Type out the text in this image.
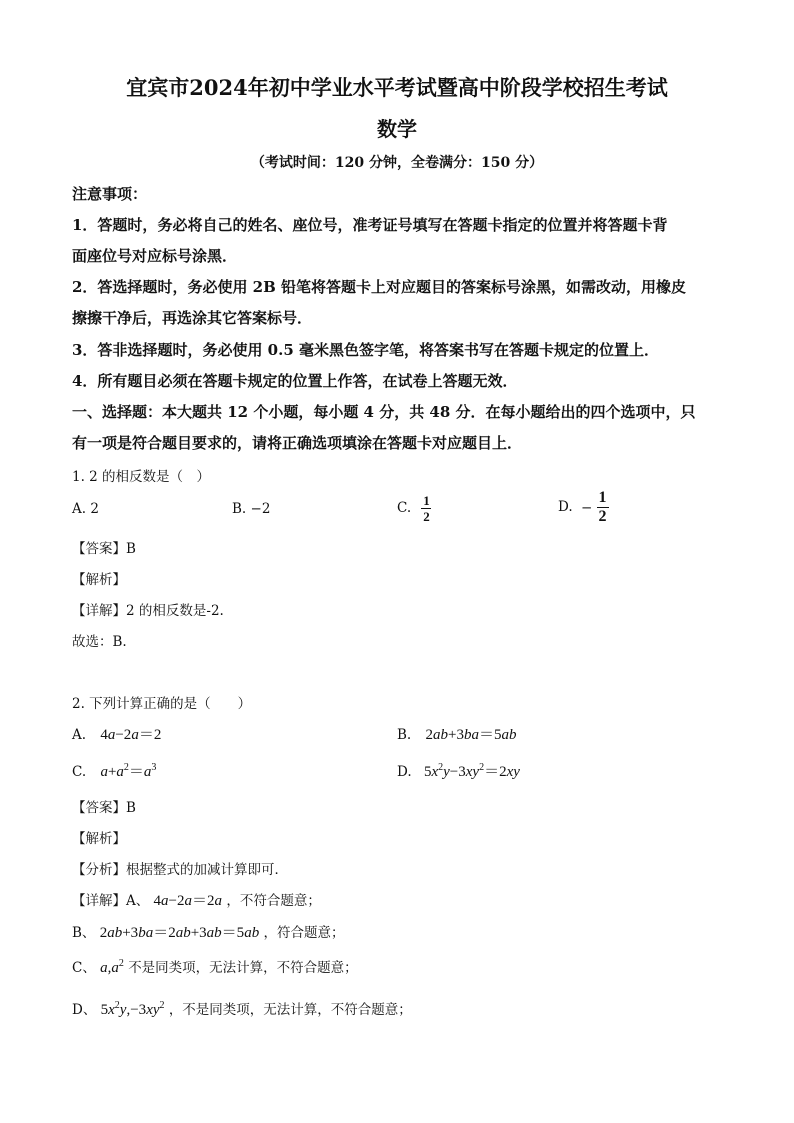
宜宾市2024年初中学业水平考试暨高中阶段学校招生考试
数学
（考试时间：120 分钟，全卷满分：150 分）
注意事项：
1．答题时，务必将自己的姓名、座位号，准考证号填写在答题卡指定的位置并将答题卡背
面座位号对应标号涂黑．
2．答选择题时，务必使用 2B 铅笔将答题卡上对应题目的答案标号涂黑，如需改动，用橡皮
擦擦干净后，再选涂其它答案标号．
3．答非选择题时，务必使用 0.5 毫米黑色签字笔，将答案书写在答题卡规定的位置上．
4．所有题目必须在答题卡规定的位置上作答，在试卷上答题无效．
一、选择题：本大题共 12 个小题，每小题 4 分，共 48 分．在每小题给出的四个选项中，只
有一项是符合题目要求的，请将正确选项填涂在答题卡对应题目上．
1. 2 的相反数是（　）
A. 2	B. −2	C. $\frac{1}{2}$	D. − $\frac{1}{2}$
【答案】B
【解析】
【详解】2 的相反数是-2.
故选：B.
2. 下列计算正确的是（　　）
A. 4a−2a＝2	B. 2ab+3ba＝5ab
C. $a+a^2=a^3$	D. $5x^2y-3xy^2=2xy$
【答案】B
【解析】
【分析】根据整式的加减计算即可．
【详解】A、 4a−2a＝2a ，不符合题意；
B、 2ab+3ba＝2ab+3ab＝5ab ，符合题意；
C、 $a,a^2$ 不是同类项，无法计算，不符合题意；
D、 $5x^2y,-3xy^2$ ，不是同类项，无法计算，不符合题意；
